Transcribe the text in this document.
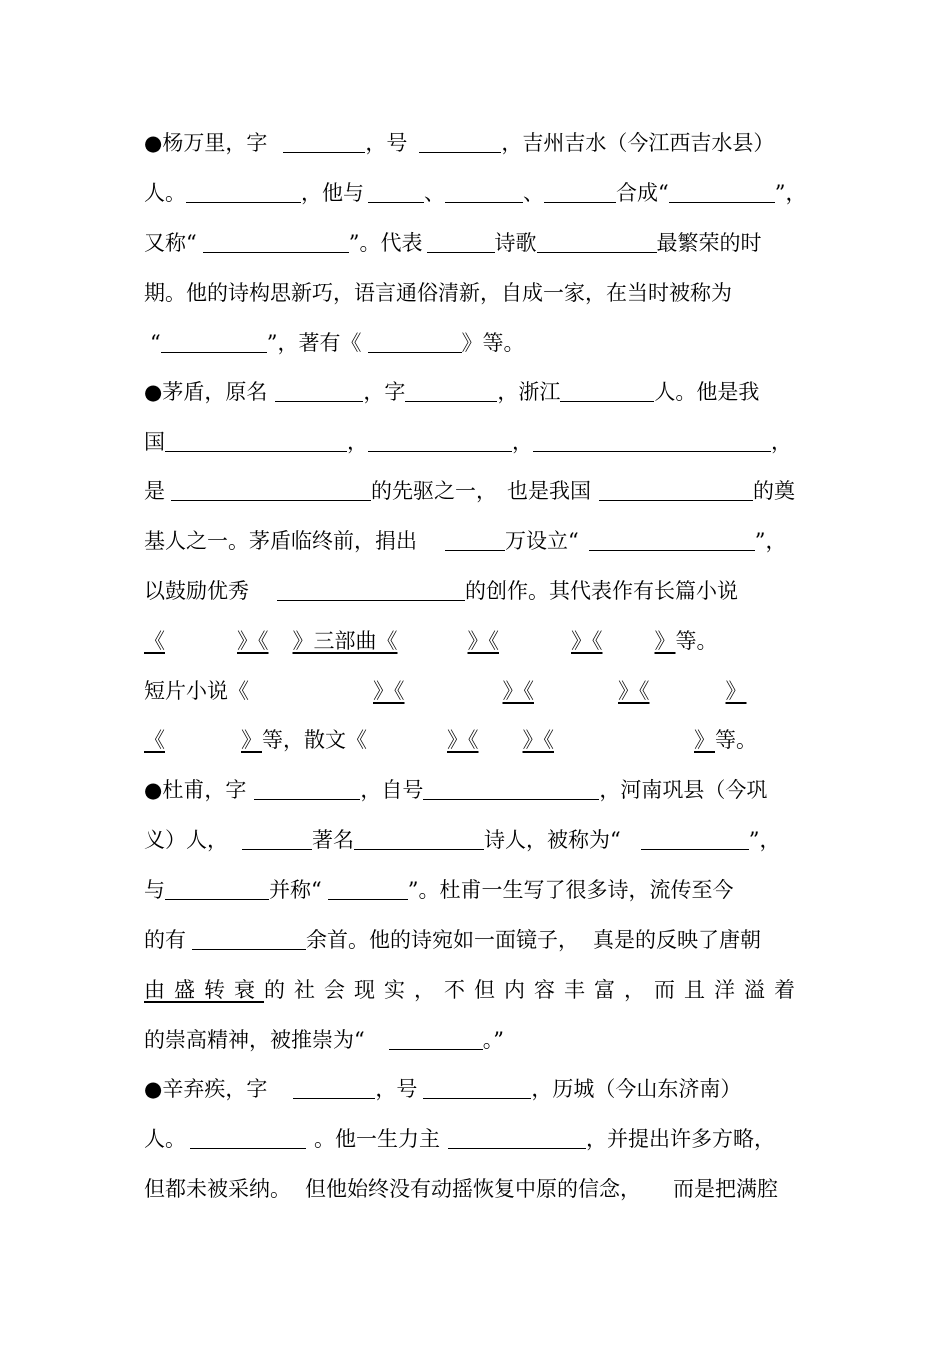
●杨万里，字	，号	，吉州吉水（今江西吉水县）
人。	，他与	、	、	合成“	”，
又称“	”。代表	诗歌	最繁荣的时
期。他的诗构思新巧，语言通俗清新，自成一家，在当时被称为
“	”，著有《	》等。
●茅盾，原名	，字	，浙江	人。他是我
国	，	，	，
是	的先驱之一， 也是我国	的奠
基人之一。茅盾临终前，捐出	万设立“	”，
以鼓励优秀	的创作。其代表作有长篇小说
《	》《 》三部曲《	》《	》《 》等。
短片小说《	》《	》《	》《	》
《	》等，散文《	》《 》《	》等。
●杜甫，字	，自号	，河南巩县（今巩
义）人，	著名	诗人，被称为“	”，
与	并称“	”。杜甫一生写了很多诗，流传至今
的有	余首。他的诗宛如一面镜子， 真是的反映了唐朝
由盛转衰的社会现实，不但内容丰富，而且洋溢着
的崇高精神，被推崇为“	。”
●辛弃疾，字	，号	，历城（今山东济南）
人。	。他一生力主	，并提出许多方略，
但都未被采纳。 但他始终没有动摇恢复中原的信念， 而是把满腔
